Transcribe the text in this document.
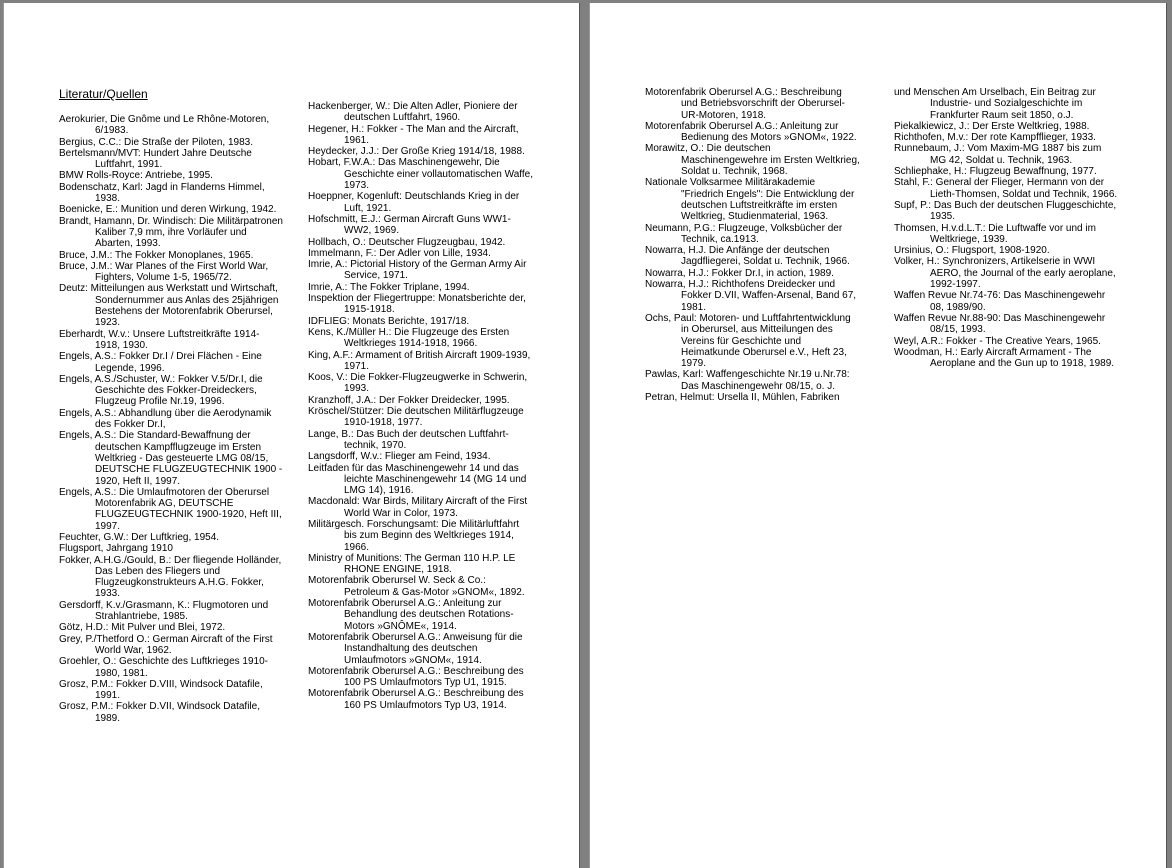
Literatur/Quellen
Aerokurier, Die Gnôme und Le Rhône-Motoren, 6/1983.
Bergius, C.C.: Die Straße der Piloten, 1983.
Bertelsmann/MVT: Hundert Jahre Deutsche Luftfahrt, 1991.
BMW Rolls-Royce: Antriebe, 1995.
Bodenschatz, Karl: Jagd in Flanderns Himmel, 1938.
Boenicke, E.: Munition und deren Wirkung, 1942.
Brandt, Hamann, Dr. Windisch: Die Militärpatronen Kaliber 7,9 mm, ihre Vorläufer und Abarten, 1993.
Bruce, J.M.: The Fokker Monoplanes, 1965.
Bruce, J.M.: War Planes of the First World War, Fighters, Volume 1-5, 1965/72.
Deutz: Mitteilungen aus Werkstatt und Wirtschaft, Sondernummer aus Anlas des 25jährigen Bestehens der Motorenfabrik Oberursel, 1923.
Eberhardt, W.v.: Unsere Luftstreitkräfte 1914-1918, 1930.
Engels, A.S.: Fokker Dr.I / Drei Flächen - Eine Legende, 1996.
Engels, A.S./Schuster, W.: Fokker V.5/Dr.I, die Geschichte des Fokker-Dreideckers, Flugzeug Profile Nr.19, 1996.
Engels, A.S.: Abhandlung über die Aerodynamik des Fokker Dr.I,
Engels, A.S.: Die Standard-Bewaffnung der deutschen Kampfflugzeuge im Ersten Weltkrieg - Das gesteuerte LMG 08/15, DEUTSCHE FLUGZEUGTECHNIK 1900 - 1920, Heft II, 1997.
Engels, A.S.: Die Umlaufmotoren der Oberursel Motorenfabrik AG, DEUTSCHE FLUGZEUGTECHNIK 1900-1920, Heft III, 1997.
Feuchter, G.W.: Der Luftkrieg, 1954.
Flugsport, Jahrgang 1910
Fokker, A.H.G./Gould, B.: Der fliegende Holländer, Das Leben des Fliegers und Flugzeugkonstrukteurs A.H.G. Fokker, 1933.
Gersdorff, K.v./Grasmann, K.: Flugmotoren und Strahlantriebe, 1985.
Götz, H.D.: Mit Pulver und Blei, 1972.
Grey, P./Thetford O.: German Aircraft of the First World War, 1962.
Groehler, O.: Geschichte des Luftkrieges 1910-1980, 1981.
Grosz, P.M.: Fokker D.VIII, Windsock Datafile, 1991.
Grosz, P.M.: Fokker D.VII, Windsock Datafile, 1989.
Hackenberger, W.: Die Alten Adler, Pioniere der deutschen Luftfahrt, 1960.
Hegener, H.: Fokker - The Man and the Aircraft, 1961.
Heydecker, J.J.: Der Große Krieg 1914/18, 1988.
Hobart, F.W.A.: Das Maschinengewehr, Die Geschichte einer vollautomatischen Waffe, 1973.
Hoeppner, Kogenluft: Deutschlands Krieg in der Luft, 1921.
Hofschmitt, E.J.: German Aircraft Guns WW1-WW2, 1969.
Hollbach, O.: Deutscher Flugzeugbau, 1942.
Immelmann, F.: Der Adler von Lille, 1934.
Imrie, A.: Pictorial History of the German Army Air Service, 1971.
Imrie, A.: The Fokker Triplane, 1994.
Inspektion der Fliegertruppe: Monatsberichte der, 1915-1918.
IDFLIEG: Monats Berichte, 1917/18.
Kens, K./Müller H.: Die Flugzeuge des Ersten Weltkrieges 1914-1918, 1966.
King, A.F.: Armament of British Aircraft 1909-1939, 1971.
Koos, V.: Die Fokker-Flugzeugwerke in Schwerin, 1993.
Kranzhoff, J.A.: Der Fokker Dreidecker, 1995.
Kröschel/Stützer: Die deutschen Militärflugzeuge 1910-1918, 1977.
Lange, B.: Das Buch der deutschen Luftfahrt-technik, 1970.
Langsdorff, W.v.: Flieger am Feind, 1934.
Leitfaden für das Maschinengewehr 14 und das leichte Maschinengewehr 14 (MG 14 und LMG 14), 1916.
Macdonald: War Birds, Military Aircraft of the First World War in Color, 1973.
Militärgesch. Forschungsamt: Die Militärluftfahrt bis zum Beginn des Weltkrieges 1914, 1966.
Ministry of Munitions: The German 110 H.P. LE RHONE ENGINE, 1918.
Motorenfabrik Oberursel W. Seck & Co.: Petroleum & Gas-Motor »GNOM«, 1892.
Motorenfabrik Oberursel A.G.: Anleitung zur Behandlung des deutschen Rotations-Motors »GNÔME«, 1914.
Motorenfabrik Oberursel A.G.: Anweisung für die Instandhaltung des deutschen Umlaufmotors »GNOM«, 1914.
Motorenfabrik Oberursel A.G.: Beschreibung des 100 PS Umlaufmotors Typ U1, 1915.
Motorenfabrik Oberursel A.G.: Beschreibung des 160 PS Umlaufmotors Typ U3, 1914.
Motorenfabrik Oberursel A.G.: Beschreibung und Betriebsvorschrift der Oberursel-UR-Motoren, 1918.
Motorenfabrik Oberursel A.G.: Anleitung zur Bedienung des Motors »GNOM«, 1922.
Morawitz, O.: Die deutschen Maschinengewehre im Ersten Weltkrieg, Soldat u. Technik, 1968.
Nationale Volksarmee Militärakademie "Friedrich Engels": Die Entwicklung der deutschen Luftstreitkräfte im ersten Weltkrieg, Studienmaterial, 1963.
Neumann, P.G.: Flugzeuge, Volksbücher der Technik, ca.1913.
Nowarra, H.J. Die Anfänge der deutschen Jagdfliegerei, Soldat u. Technik, 1966.
Nowarra, H.J.: Fokker Dr.I, in action, 1989.
Nowarra, H.J.: Richthofens Dreidecker und Fokker D.VII, Waffen-Arsenal, Band 67, 1981.
Ochs, Paul: Motoren- und Luftfahrtentwicklung in Oberursel, aus Mitteilungen des Vereins für Geschichte und Heimatkunde Oberursel e.V., Heft 23, 1979.
Pawlas, Karl: Waffengeschichte Nr.19 u.Nr.78: Das Maschinengewehr 08/15, o. J.
Petran, Helmut: Ursella II, Mühlen, Fabriken
und Menschen Am Urselbach, Ein Beitrag zur Industrie- und Sozialgeschichte im Frankfurter Raum seit 1850, o.J.
Piekalkiewicz, J.: Der Erste Weltkrieg, 1988.
Richthofen, M.v.: Der rote Kampfflieger, 1933.
Runnebaum, J.: Vom Maxim-MG 1887 bis zum MG 42, Soldat u. Technik, 1963.
Schliephake, H.: Flugzeug Bewaffnung, 1977.
Stahl, F.: General der Flieger, Hermann von der Lieth-Thomsen, Soldat und Technik, 1966.
Supf, P.: Das Buch der deutschen Fluggeschichte, 1935.
Thomsen, H.v.d.L.T.: Die Luftwaffe vor und im Weltkriege, 1939.
Ursinius, O.: Flugsport, 1908-1920.
Volker, H.: Synchronizers, Artikelserie in WWI AERO, the Journal of the early aeroplane, 1992-1997.
Waffen Revue Nr.74-76: Das Maschinengewehr 08, 1989/90.
Waffen Revue Nr.88-90: Das Maschinengewehr 08/15, 1993.
Weyl, A.R.: Fokker - The Creative Years, 1965.
Woodman, H.: Early Aircraft Armament - The Aeroplane and the Gun up to 1918, 1989.
